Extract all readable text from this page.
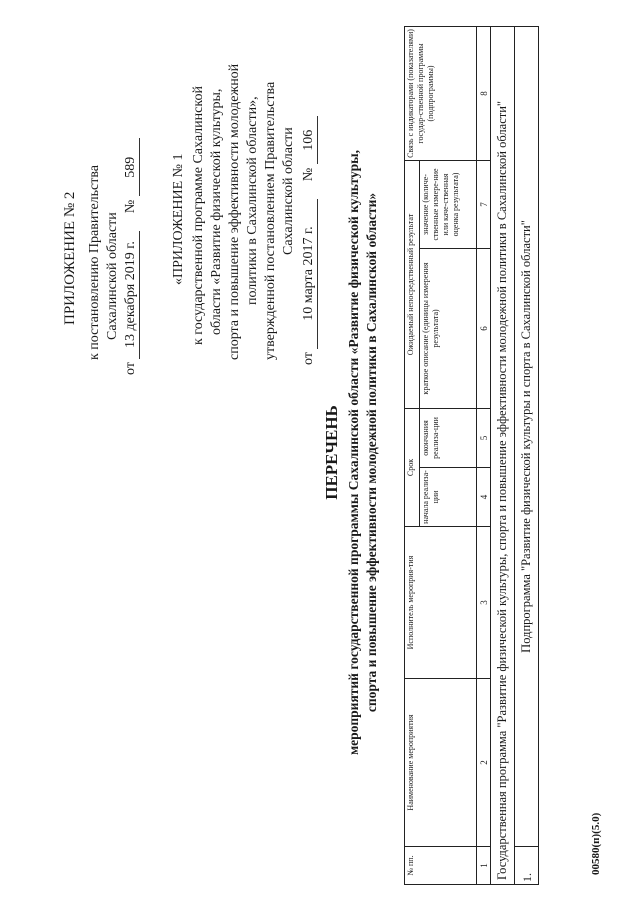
ПРИЛОЖЕНИЕ № 2 к постановлению Правительства Сахалинской области
от 13 декабря 2019 г. № 589 «ПРИЛОЖЕНИЕ № 1 к государственной программе Сахалинской области «Развитие физической культуры, спорта и повышение эффективности молодежной политики в Сахалинской области», утвержденной постановлением Правительства Сахалинской области
от 10 марта 2017 г. № 106
ПЕРЕЧЕНЬ мероприятий государственной программы Сахалинской области «Развитие физической культуры, спорта и повышение эффективности молодежной политики в Сахалинской области»
№ пп.	Наименование мероприятия	Исполнитель мероприя-тия	Срок		Ожидаемый непосредственный результат		Связь с индикаторами (показателями) государ-ственной программы (подпрограммы)
			начала реализа-ции	окончания реализа-ции	краткое описание (единицы измерения результата)	значение (количе-ственные измере-ние или каче-ственная оценка результата)	
1	2	3	4	5	6	7	8
Государственная программа "Развитие физической культуры, спорта и повышение эффективности молодежной политики в Сахалинской области"							
1.	Подпрограмма "Развитие физической культуры и спорта в Сахалинской области"						
00580(п)(5.0)
